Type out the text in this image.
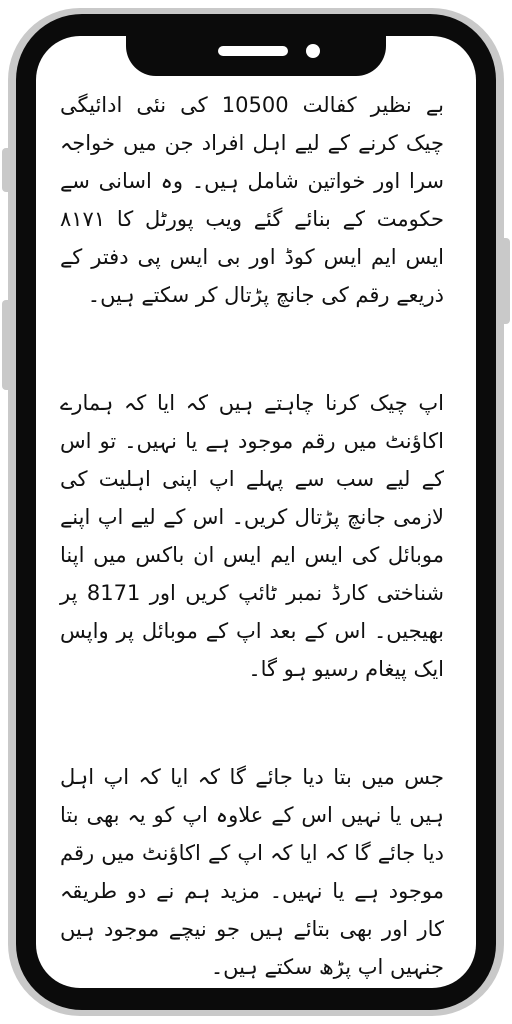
بے نظیر کفالت 10500 کی نئی ادائیگی چیک کرنے کے لیے اہل افراد جن میں خواجہ سرا اور خواتین شامل ہیں۔ وہ اسانی سے حکومت کے بنائے گئے ویب پورٹل کا ۸۱۷۱ ایس ایم ایس کوڈ اور بی ایس پی دفتر کے ذریعے رقم کی جانچ پڑتال کر سکتے ہیں۔

اپ چیک کرنا چاہتے ہیں کہ ایا کہ ہمارے اکاؤنٹ میں رقم موجود ہے یا نہیں۔ تو اس کے لیے سب سے پہلے اپ اپنی اہلیت کی لازمی جانچ پڑتال کریں۔ اس کے لیے اپ اپنے موبائل کی ایس ایم ایس ان باکس میں اپنا شناختی کارڈ نمبر ٹائپ کریں اور 8171 پر بھیجیں۔ اس کے بعد اپ کے موبائل پر واپس ایک پیغام رسیو ہو گا۔

جس میں بتا دیا جائے گا کہ ایا کہ اپ اہل ہیں یا نہیں اس کے علاوہ اپ کو یہ بھی بتا دیا جائے گا کہ ایا کہ اپ کے اکاؤنٹ میں رقم موجود ہے یا نہیں۔ مزید ہم نے دو طریقہ کار اور بھی بتائے ہیں جو نیچے موجود ہیں جنہیں اپ پڑھ سکتے ہیں۔
